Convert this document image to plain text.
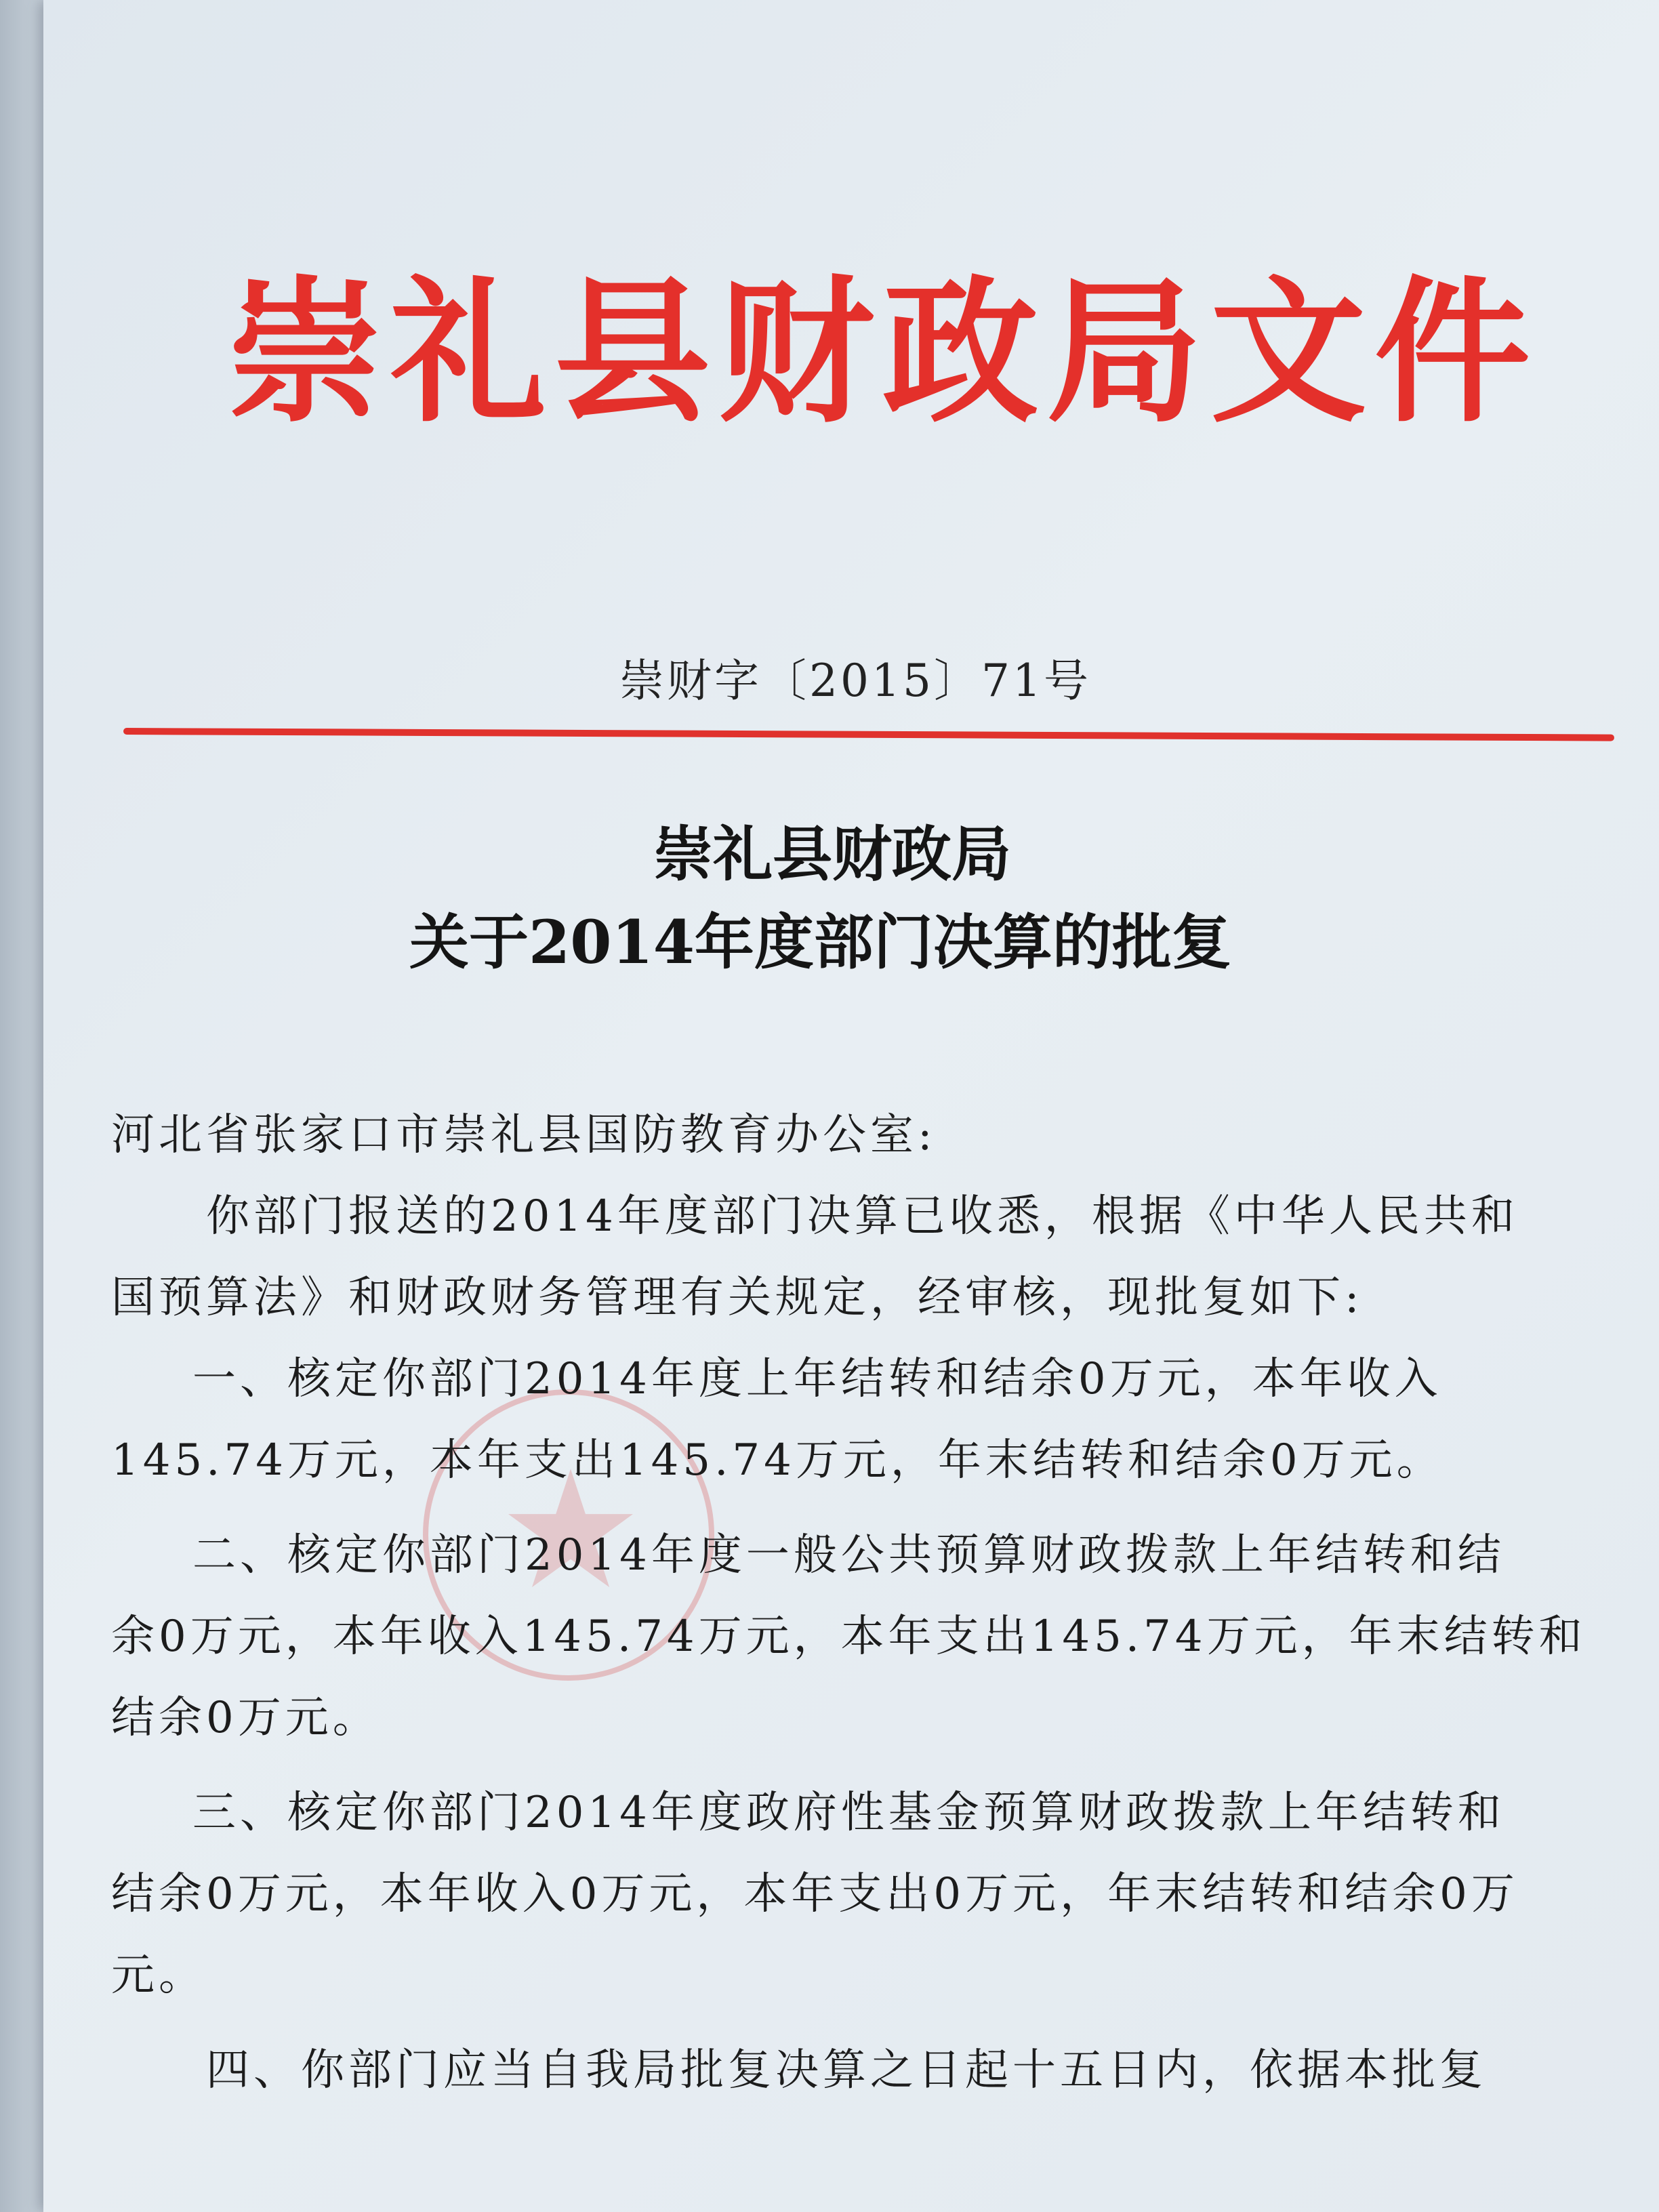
崇礼县财政局文件
崇财字〔2015〕71号
崇礼县财政局
关于2014年度部门决算的批复
★
河北省张家口市崇礼县国防教育办公室:
你部门报送的2014年度部门决算已收悉，根据《中华人民共和
国预算法》和财政财务管理有关规定，经审核，现批复如下:
一、核定你部门2014年度上年结转和结余0万元，本年收入
145.74万元，本年支出145.74万元，年末结转和结余0万元。
二、核定你部门2014年度一般公共预算财政拨款上年结转和结
余0万元，本年收入145.74万元，本年支出145.74万元，年末结转和
结余0万元。
三、核定你部门2014年度政府性基金预算财政拨款上年结转和
结余0万元，本年收入0万元，本年支出0万元，年末结转和结余0万
元。
四、你部门应当自我局批复决算之日起十五日内，依据本批复
